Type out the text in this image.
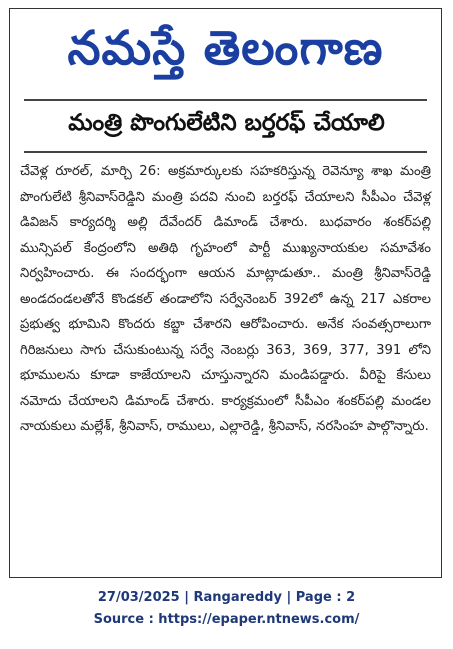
నమస్తే తెలంగాణ
మంత్రి పొంగులేటిని బర్తరఫ్ చేయాలి

చేవెళ్ల రూరల్, మార్చి 26: అక్రమార్కులకు సహకరిస్తున్న రెవెన్యూ శాఖ మంత్రి పొంగులేటి శ్రీనివాస్‌రెడ్డిని మంత్రి పదవి నుంచి బర్తరఫ్ చేయాలని సీపీఎం చేవెళ్ల డివిజన్ కార్యదర్శి అల్లి దేవేందర్ డిమాండ్ చేశారు. బుధవారం శంకర్‌పల్లి మున్సిపల్ కేంద్రంలోని అతిథి గృహంలో పార్టీ ముఖ్యనాయకుల సమావేశం నిర్వహించారు. ఈ సందర్భంగా ఆయన మాట్లాడుతూ.. మంత్రి శ్రీనివాస్‌రెడ్డి అండదండలతోనే కొండకల్ తండాలోని సర్వేనెంబర్ 392లో ఉన్న 217 ఎకరాల ప్రభుత్వ భూమిని కొందరు కబ్జా చేశారని ఆరోపించారు. అనేక సంవత్సరాలుగా గిరిజనులు సాగు చేసుకుంటున్న సర్వే నెంబర్లు 363, 369, 377, 391 లోని భూములను కూడా కాజేయాలని చూస్తున్నారని మండిపడ్డారు. వీరిపై కేసులు నమోదు చేయాలని డిమాండ్ చేశారు. కార్యక్రమంలో సీపీఎం శంకర్‌పల్లి మండల నాయకులు మల్లేశ్, శ్రీనివాస్, రాములు, ఎల్లారెడ్డి, శ్రీనివాస్, నరసింహ పాల్గొన్నారు.

27/03/2025 | Rangareddy | Page : 2
Source : https://epaper.ntnews.com/
